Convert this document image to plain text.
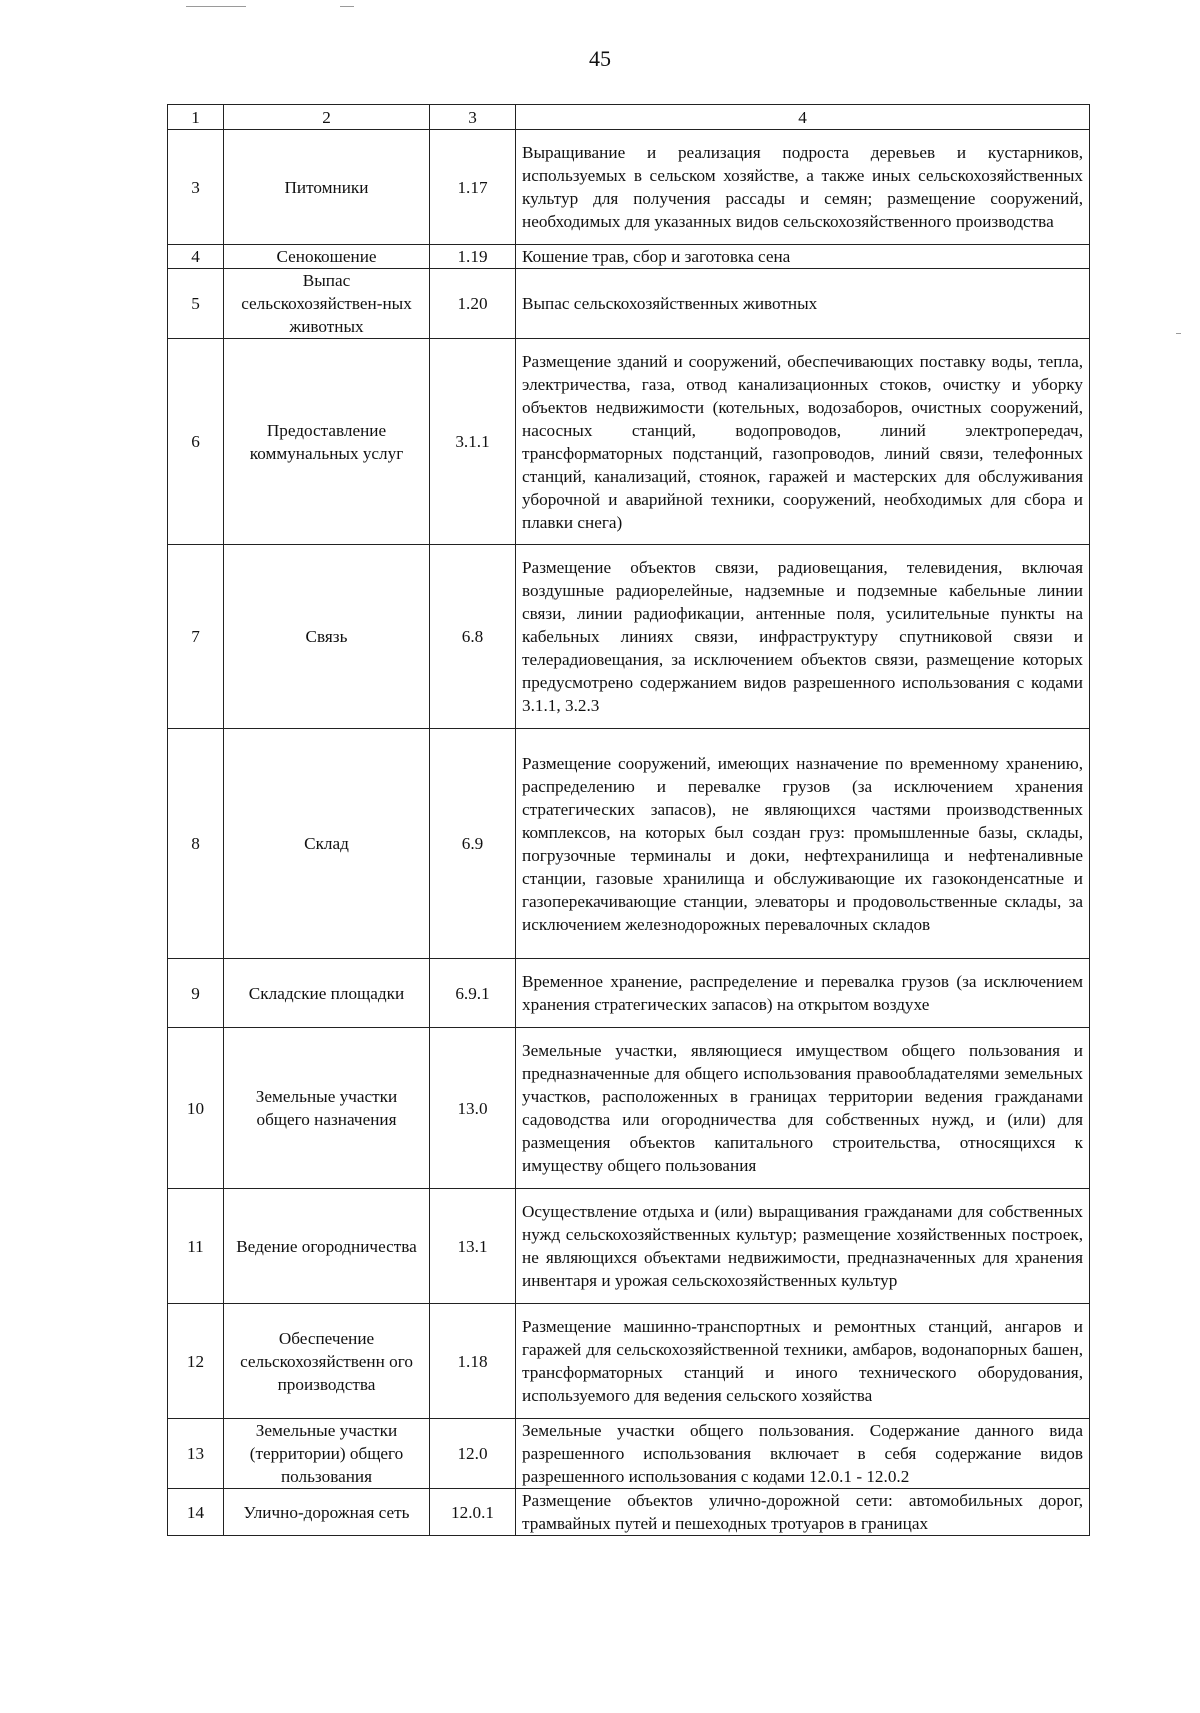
45
1	2	3	4
3	Питомники	1.17	Выращивание и реализация подроста деревьев и кустарников, используемых в сельском хозяйстве, а также иных сельскохозяйственных культур для получения рассады и семян; размещение сооружений, необходимых для указанных видов сельскохозяйственного производства
4	Сенокошение	1.19	Кошение трав, сбор и заготовка сена
5	Выпас сельскохозяйствен-ных животных	1.20	Выпас сельскохозяйственных животных
6	Предоставление коммунальных услуг	3.1.1	Размещение зданий и сооружений, обеспечивающих поставку воды, тепла, электричества, газа, отвод канализационных стоков, очистку и уборку объектов недвижимости (котельных, водозаборов, очистных сооружений, насосных станций, водопроводов, линий электропередач, трансформаторных подстанций, газопроводов, линий связи, телефонных станций, канализаций, стоянок, гаражей и мастерских для обслуживания уборочной и аварийной техники, сооружений, необходимых для сбора и плавки снега)
7	Связь	6.8	Размещение объектов связи, радиовещания, телевидения, включая воздушные радиорелейные, надземные и подземные кабельные линии связи, линии радиофикации, антенные поля, усилительные пункты на кабельных линиях связи, инфраструктуру спутниковой связи и телерадиовещания, за исключением объектов связи, размещение которых предусмотрено содержанием видов разрешенного использования с кодами 3.1.1, 3.2.3
8	Склад	6.9	Размещение сооружений, имеющих назначение по временному хранению, распределению и перевалке грузов (за исключением хранения стратегических запасов), не являющихся частями производственных комплексов, на которых был создан груз: промышленные базы, склады, погрузочные терминалы и доки, нефтехранилища и нефтеналивные станции, газовые хранилища и обслуживающие их газоконденсатные и газоперекачивающие станции, элеваторы и продовольственные склады, за исключением железнодорожных перевалочных складов
9	Складские площадки	6.9.1	Временное хранение, распределение и перевалка грузов (за исключением хранения стратегических запасов) на открытом воздухе
10	Земельные участки общего назначения	13.0	Земельные участки, являющиеся имуществом общего пользования и предназначенные для общего использования правообладателями земельных участков, расположенных в границах территории ведения гражданами садоводства или огородничества для собственных нужд, и (или) для размещения объектов капитального строительства, относящихся к имуществу общего пользования
11	Ведение огородничества	13.1	Осуществление отдыха и (или) выращивания гражданами для собственных нужд сельскохозяйственных культур; размещение хозяйственных построек, не являющихся объектами недвижимости, предназначенных для хранения инвентаря и урожая сельскохозяйственных культур
12	Обеспечение сельскохозяйственн ого производства	1.18	Размещение машинно-транспортных и ремонтных станций, ангаров и гаражей для сельскохозяйственной техники, амбаров, водонапорных башен, трансформаторных станций и иного технического оборудования, используемого для ведения сельского хозяйства
13	Земельные участки (территории) общего пользования	12.0	Земельные участки общего пользования. Содержание данного вида разрешенного использования включает в себя содержание видов разрешенного использования с кодами 12.0.1 - 12.0.2
14	Улично-дорожная сеть	12.0.1	Размещение объектов улично-дорожной сети: автомобильных дорог, трамвайных путей и пешеходных тротуаров в границах
